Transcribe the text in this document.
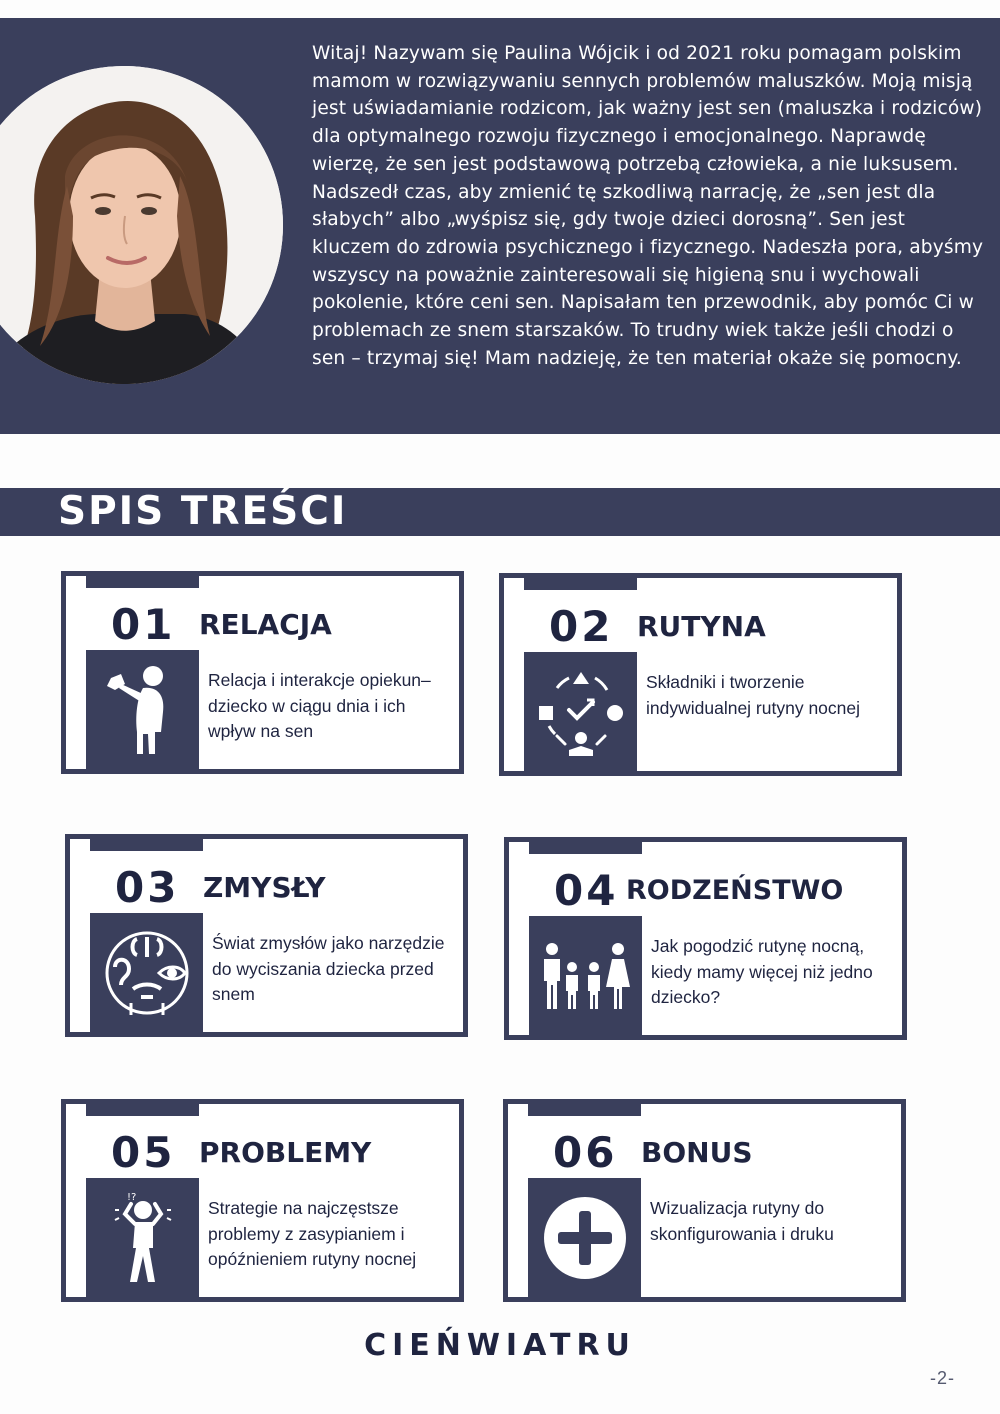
Witaj! Nazywam się Paulina Wójcik i od 2021 roku pomagam polskim mamom w rozwiązywaniu sennych problemów maluszków. Moją misją jest uświadamianie rodzicom, jak ważny jest sen (maluszka i rodziców) dla optymalnego rozwoju fizycznego i emocjonalnego. Naprawdę wierzę, że sen jest podstawową potrzebą człowieka, a nie luksusem. Nadszedł czas, aby zmienić tę szkodliwą narrację, że „sen jest dla słabych” albo „wyśpisz się, gdy twoje dzieci dorosną”. Sen jest kluczem do zdrowia psychicznego i fizycznego. Nadeszła pora, abyśmy wszyscy na poważnie zainteresowali się higieną snu i wychowali pokolenie, które ceni sen. Napisałam ten przewodnik, aby pomóc Ci w problemach ze snem starszaków. To trudny wiek także jeśli chodzi o sen – trzymaj się! Mam nadzieję, że ten materiał okaże się pomocny.

SPIS TREŚCI
01 RELACJA

Relacja i interakcje opiekun–dziecko w ciągu dnia i ich wpływ na sen

02 RUTYNA

Składniki i tworzenie indywidualnej rutyny nocnej

03 ZMYSŁY

Świat zmysłów jako narzędzie do wyciszania dziecka przed snem

04 RODZEŃSTWO

Jak pogodzić rutynę nocną, kiedy mamy więcej niż jedno dziecko?

05 PROBLEMY
!?

Strategie na najczęstsze problemy z zasypianiem i opóźnieniem rutyny nocnej

06 BONUS

Wizualizacja rutyny do skonfigurowania i druku

CIEŃWIATRU
-2-
